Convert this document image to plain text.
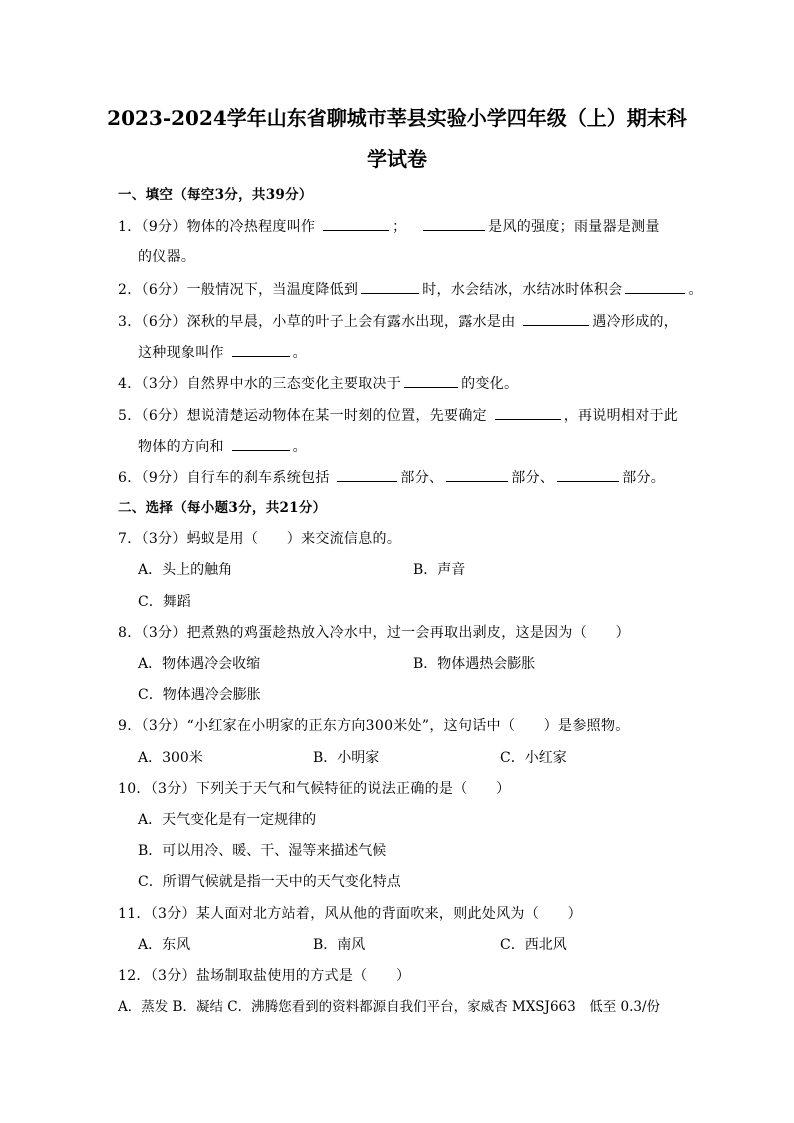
2023-2024学年山东省聊城市莘县实验小学四年级（上）期末科
学试卷
一、填空（每空3分，共39分）
1．（9分）物体的冷热程度叫作	；	是风的强度；雨量器是测量
的仪器。
2．（6分）一般情况下，当温度降低到	时，水会结冰，水结冰时体积会	。
3．（6分）深秋的早晨，小草的叶子上会有露水出现，露水是由	遇冷形成的，
这种现象叫作	。
4．（3分）自然界中水的三态变化主要取决于	的变化。
5．（6分）想说清楚运动物体在某一时刻的位置，先要确定	，再说明相对于此
物体的方向和	。
6．（9分）自行车的刹车系统包括	部分、	部分、	部分。
二、选择（每小题3分，共21分）
7．（3分）蚂蚁是用（　　）来交流信息的。
A．头上的触角	B．声音
C．舞蹈
8．（3分）把煮熟的鸡蛋趁热放入冷水中，过一会再取出剥皮，这是因为（　　）
A．物体遇冷会收缩	B．物体遇热会膨胀
C．物体遇冷会膨胀
9．（3分）“小红家在小明家的正东方向300米处”，这句话中（　　）是参照物。
A．300米	B．小明家	C．小红家
10．（3分）下列关于天气和气候特征的说法正确的是（　　）
A．天气变化是有一定规律的
B．可以用冷、暖、干、湿等来描述气候
C．所谓气候就是指一天中的天气变化特点
11．（3分）某人面对北方站着，风从他的背面吹来，则此处风为（　　）
A．东风	B．南风	C．西北风
12．（3分）盐场制取盐使用的方式是（　　）
A．蒸发 B．凝结 C．沸腾您看到的资料都源自我们平台，家威杏 MXSJ663　低至 0.3/份
